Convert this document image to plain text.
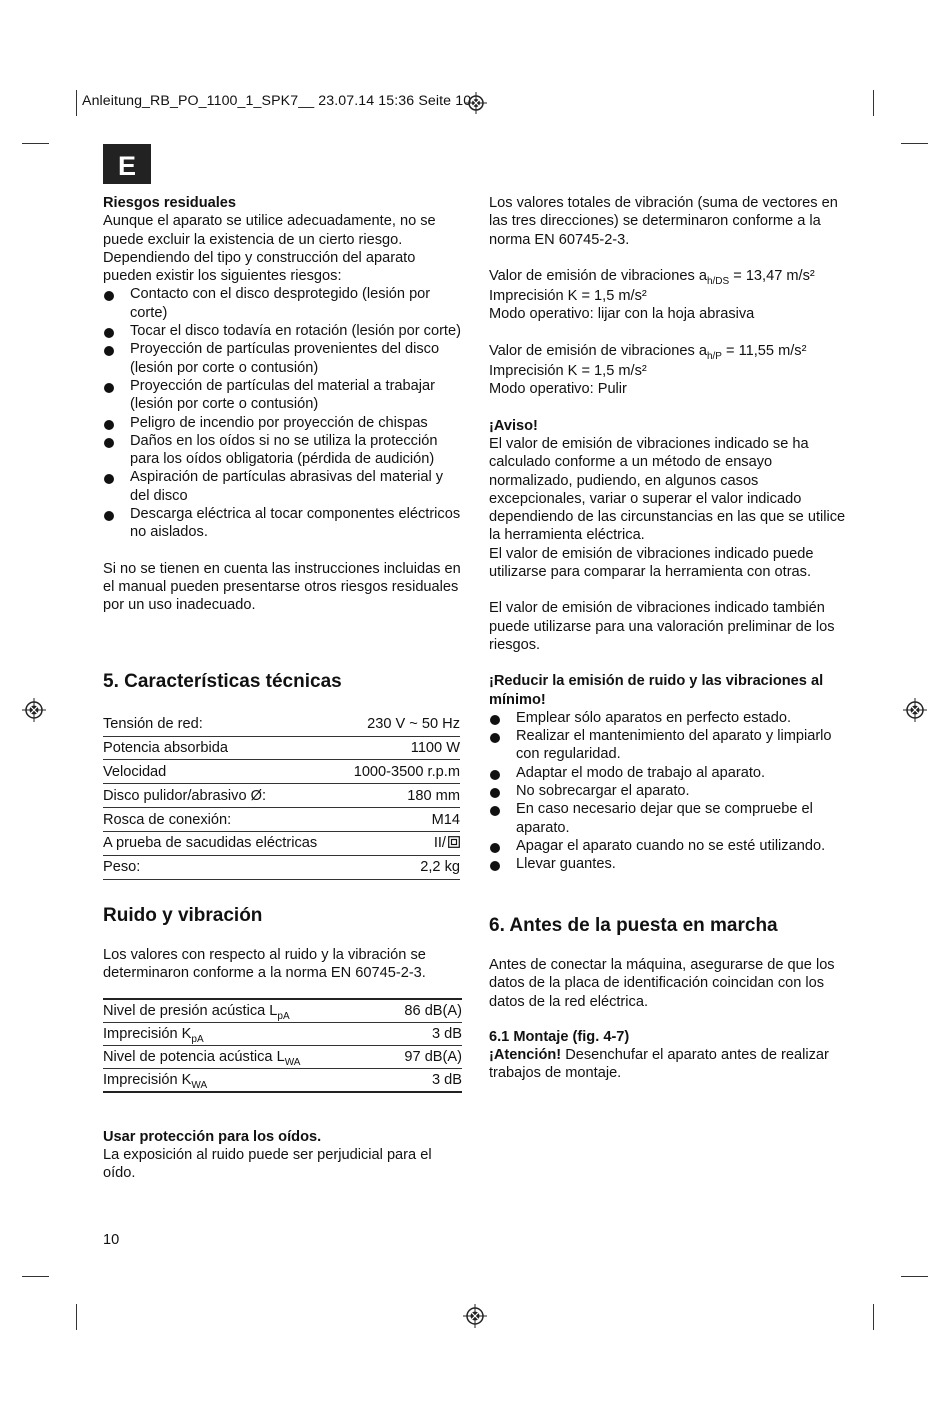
Anleitung_RB_PO_1100_1_SPK7__ 23.07.14 15:36 Seite 10
E

Riesgos residuales

Aunque el aparato se utilice adecuadamente, no se puede excluir la existencia de un cierto riesgo. Dependiendo del tipo y construcción del aparato pueden existir los siguientes riesgos:

Contacto con el disco desprotegido (lesión por corte)
Tocar el disco todavía en rotación (lesión por corte)
Proyección de partículas provenientes del disco (lesión por corte o contusión)
Proyección de partículas del material a trabajar (lesión por corte o contusión)
Peligro de incendio por proyección de chispas
Daños en los oídos si no se utiliza la protección para los oídos obligatoria (pérdida de audición)
Aspiración de partículas abrasivas del material y del disco
Descarga eléctrica al tocar componentes eléctricos no aislados.

Si no se tienen en cuenta las instrucciones incluidas en el manual pueden presentarse otros riesgos residuales por un uso inadecuado.

5. Características técnicas
Tensión de red:	230 V ~ 50 Hz
Potencia absorbida	1100 W
Velocidad	1000-3500 r.p.m
Disco pulidor/abrasivo Ø:	180 mm
Rosca de conexión:	M14
A prueba de sacudidas eléctricas	II/
Peso:	2,2 kg
Ruido y vibración

Los valores con respecto al ruido y la vibración se determinaron conforme a la norma EN 60745-2-3.

Nivel de presión acústica $L_{pA}$	86 dB(A)
Imprecisión $K_{pA}$	3 dB
Nivel de potencia acústica $L_{WA}$	97 dB(A)
Imprecisión $K_{WA}$	3 dB

Usar protección para los oídos.

La exposición al ruido puede ser perjudicial para el oído.

10

Los valores totales de vibración (suma de vectores en las tres direcciones) se determinaron conforme a la norma EN 60745-2-3.

Valor de emisión de vibraciones $a_{h/DS} = 13,47$ m/s²

Imprecisión K = 1,5 m/s²

Modo operativo: lijar con la hoja abrasiva

Valor de emisión de vibraciones $a_{h/P} = 11,55$ m/s²

Imprecisión K = 1,5 m/s²

Modo operativo: Pulir

¡Aviso!

El valor de emisión de vibraciones indicado se ha calculado conforme a un método de ensayo normalizado, pudiendo, en algunos casos excepcionales, variar o superar el valor indicado dependiendo de las circunstancias en las que se utilice la herramienta eléctrica.

El valor de emisión de vibraciones indicado puede utilizarse para comparar la herramienta con otras.

El valor de emisión de vibraciones indicado también puede utilizarse para una valoración preliminar de los riesgos.

¡Reducir la emisión de ruido y las vibraciones al mínimo!

Emplear sólo aparatos en perfecto estado.
Realizar el mantenimiento del aparato y limpiarlo con regularidad.
Adaptar el modo de trabajo al aparato.
No sobrecargar el aparato.
En caso necesario dejar que se compruebe el aparato.
Apagar el aparato cuando no se esté utilizando.
Llevar guantes.
6. Antes de la puesta en marcha

Antes de conectar la máquina, asegurarse de que los datos de la placa de identificación coincidan con los datos de la red eléctrica.

6.1 Montaje (fig. 4-7)

¡Atención! Desenchufar el aparato antes de realizar trabajos de montaje.
